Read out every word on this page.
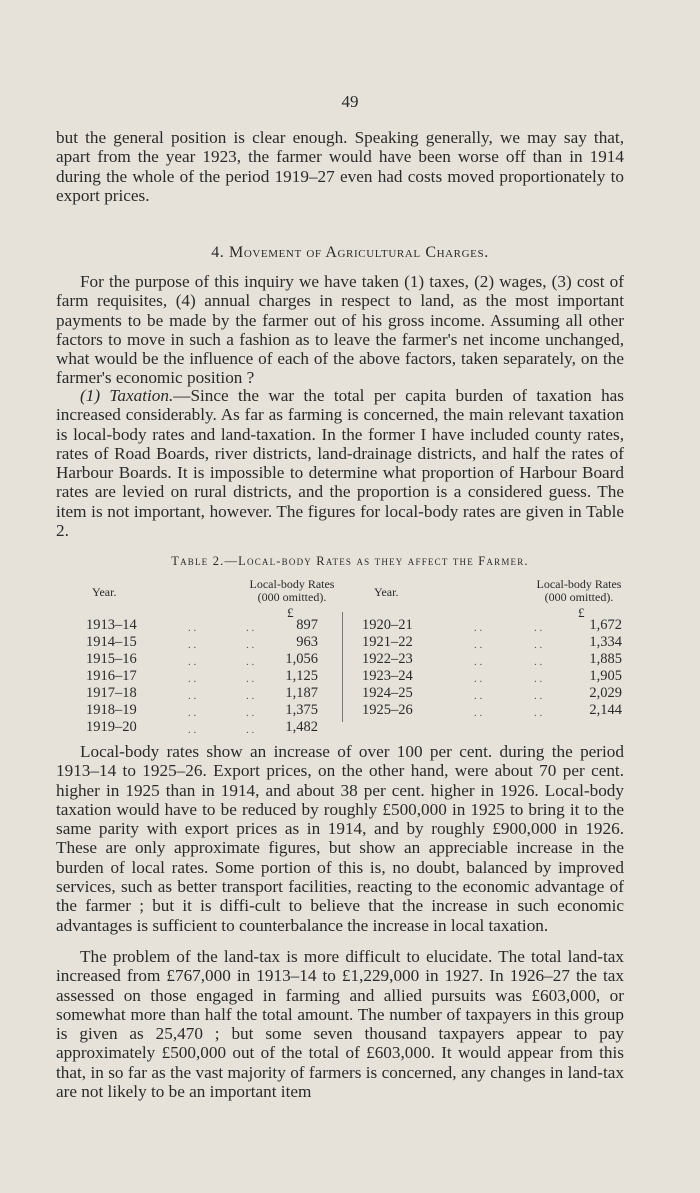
49

but the general position is clear enough. Speaking generally, we may say that, apart from the year 1923, the farmer would have been worse off than in 1914 during the whole of the period 1919–27 even had costs moved proportionately to export prices.

4. Movement of Agricultural Charges.

For the purpose of this inquiry we have taken (1) taxes, (2) wages, (3) cost of farm requisites, (4) annual charges in respect to land, as the most important payments to be made by the farmer out of his gross income. Assuming all other factors to move in such a fashion as to leave the farmer's net income unchanged, what would be the influence of each of the above factors, taken separately, on the farmer's economic position ?

(1) Taxation.—Since the war the total per capita burden of taxation has increased considerably. As far as farming is concerned, the main relevant taxation is local-body rates and land-taxation. In the former I have included county rates, rates of Road Boards, river districts, land-drainage districts, and half the rates of Harbour Boards. It is impossible to determine what proportion of Harbour Board rates are levied on rural districts, and the proportion is a considered guess. The item is not important, however. The figures for local-body rates are given in Table 2.

Table 2.—Local-body Rates as they affect the Farmer.
Year.
Local-body Rates
(000 omitted).	Year.
Local-body Rates
(000 omitted).
£	£
1913–14	. .	. .	897
1914–15	. .	. .	963
1915–16	. .	. .	1,056
1916–17	. .	. .	1,125
1917–18	. .	. .	1,187
1918–19	. .	. .	1,375
1919–20	. .	. .	1,482
1920–21	. .	. .	1,672
1921–22	. .	. .	1,334
1922–23	. .	. .	1,885
1923–24	. .	. .	1,905
1924–25	. .	. .	2,029
1925–26	. .	. .	2,144

Local-body rates show an increase of over 100 per cent. during the period 1913–14 to 1925–26. Export prices, on the other hand, were about 70 per cent. higher in 1925 than in 1914, and about 38 per cent. higher in 1926. Local-body taxation would have to be reduced by roughly £500,000 in 1925 to bring it to the same parity with export prices as in 1914, and by roughly £900,000 in 1926. These are only approximate figures, but show an appreciable increase in the burden of local rates. Some portion of this is, no doubt, balanced by improved services, such as better transport facilities, reacting to the economic advantage of the farmer ; but it is diffi-cult to believe that the increase in such economic advantages is sufficient to counterbalance the increase in local taxation.

The problem of the land-tax is more difficult to elucidate. The total land-tax increased from £767,000 in 1913–14 to £1,229,000 in 1927. In 1926–27 the tax assessed on those engaged in farming and allied pursuits was £603,000, or somewhat more than half the total amount. The number of taxpayers in this group is given as 25,470 ; but some seven thousand taxpayers appear to pay approximately £500,000 out of the total of £603,000. It would appear from this that, in so far as the vast majority of farmers is concerned, any changes in land-tax are not likely to be an important item
